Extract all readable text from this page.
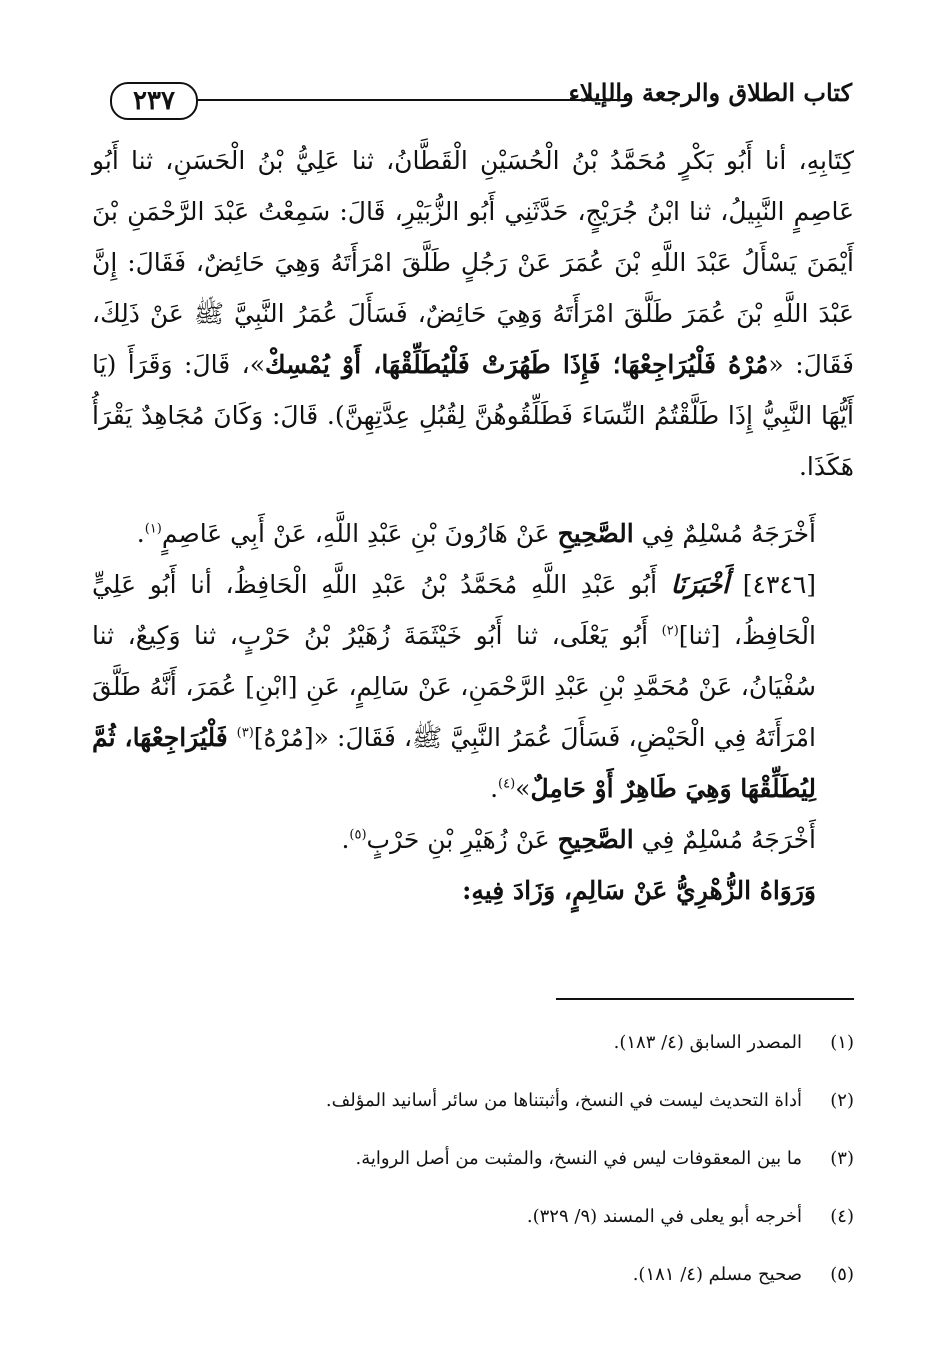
٢٣٧	كتاب الطلاق والرجعة والإيلاء

كِتَابِهِ، أنا أَبُو بَكْرٍ مُحَمَّدُ بْنُ الْحُسَيْنِ الْقَطَّانُ، ثنا عَلِيُّ بْنُ الْحَسَنِ، ثنا أَبُو عَاصِمٍ النَّبِيلُ، ثنا ابْنُ جُرَيْجٍ، حَدَّثَنِي أَبُو الزُّبَيْرِ، قَالَ: سَمِعْتُ عَبْدَ الرَّحْمَنِ بْنَ أَيْمَنَ يَسْأَلُ عَبْدَ اللَّهِ بْنَ عُمَرَ عَنْ رَجُلٍ طَلَّقَ امْرَأَتَهُ وَهِيَ حَائِضٌ، فَقَالَ: إِنَّ عَبْدَ اللَّهِ بْنَ عُمَرَ طَلَّقَ امْرَأَتَهُ وَهِيَ حَائِضٌ، فَسَأَلَ عُمَرُ النَّبِيَّ ﷺ عَنْ ذَلِكَ، فَقَالَ: «مُرْهُ فَلْيُرَاجِعْهَا؛ فَإِذَا طَهُرَتْ فَلْيُطَلِّقْهَا، أَوْ يُمْسِكْ»، قَالَ: وَقَرَأَ (يَا أَيُّهَا النَّبِيُّ إِذَا طَلَّقْتُمُ النِّسَاءَ فَطَلِّقُوهُنَّ لِقُبُلِ عِدَّتِهِنَّ). قَالَ: وَكَانَ مُجَاهِدٌ يَقْرَأُ هَكَذَا.

أَخْرَجَهُ مُسْلِمٌ فِي الصَّحِيحِ عَنْ هَارُونَ بْنِ عَبْدِ اللَّهِ، عَنْ أَبِي عَاصِمٍ$^{(١)}$.

[٤٣٤٦] أَخْبَرَنَا أَبُو عَبْدِ اللَّهِ مُحَمَّدُ بْنُ عَبْدِ اللَّهِ الْحَافِظُ، أنا أَبُو عَلِيٍّ الْحَافِظُ، [ثنا]$^{(٢)}$ أَبُو يَعْلَى، ثنا أَبُو خَيْثَمَةَ زُهَيْرُ بْنُ حَرْبٍ، ثنا وَكِيعٌ، ثنا سُفْيَانُ، عَنْ مُحَمَّدِ بْنِ عَبْدِ الرَّحْمَنِ، عَنْ سَالِمٍ، عَنِ [ابْنِ] عُمَرَ، أَنَّهُ طَلَّقَ امْرَأَتَهُ فِي الْحَيْضِ، فَسَأَلَ عُمَرُ النَّبِيَّ ﷺ، فَقَالَ: «[مُرْهُ]$^{(٣)}$ فَلْيُرَاجِعْهَا، ثُمَّ لِيُطَلِّقْهَا وَهِيَ طَاهِرٌ أَوْ حَامِلٌ»$^{(٤)}$.

أَخْرَجَهُ مُسْلِمٌ فِي الصَّحِيحِ عَنْ زُهَيْرِ بْنِ حَرْبٍ$^{(٥)}$.

وَرَوَاهُ الزُّهْرِيُّ عَنْ سَالِمٍ، وَزَادَ فِيهِ:

(١)
المصدر السابق (٤/ ١٨٣).
(٢)
أداة التحديث ليست في النسخ، وأثبتناها من سائر أسانيد المؤلف.
(٣)
ما بين المعقوفات ليس في النسخ، والمثبت من أصل الرواية.
(٤)
أخرجه أبو يعلى في المسند (٩/ ٣٢٩).
(٥)
صحيح مسلم (٤/ ١٨١).
